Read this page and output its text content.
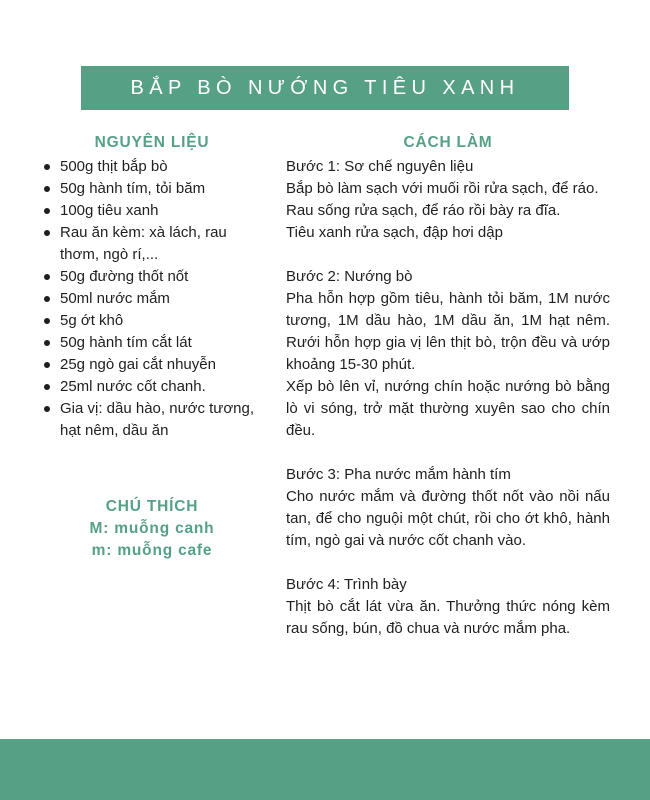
BẮP BÒ NƯỚNG TIÊU XANH
NGUYÊN LIỆU
500g thịt bắp bò
50g hành tím, tỏi băm
100g tiêu xanh
Rau ăn kèm: xà lách, rau thơm, ngò rí,...
50g đường thốt nốt
50ml nước mắm
5g ớt khô
50g hành tím cắt lát
25g ngò gai cắt nhuyễn
25ml nước cốt chanh.
Gia vị: dầu hào, nước tương, hạt nêm, dầu ăn
CHÚ THÍCH
M: muỗng canh
m: muỗng cafe
CÁCH LÀM
Bước 1: Sơ chế nguyên liệu

Bắp bò làm sạch với muối rồi rửa sạch, để ráo.
Rau sống rửa sạch, để ráo rồi bày ra đĩa.
Tiêu xanh rửa sạch, đập hơi dập

Bước 2: Nướng bò

Pha hỗn hợp gồm tiêu, hành tỏi băm, 1M nước tương, 1M dầu hào, 1M dầu ăn, 1M hạt nêm. Rưới hỗn hợp gia vị lên thịt bò, trộn đều và ướp khoảng 15-30 phút.
Xếp bò lên vỉ, nướng chín hoặc nướng bò bằng lò vi sóng, trở mặt thường xuyên sao cho chín đều.

Bước 3: Pha nước mắm hành tím

Cho nước mắm và đường thốt nốt vào nồi nấu tan, để cho nguội một chút, rồi cho ớt khô, hành tím, ngò gai và nước cốt chanh vào.

Bước 4: Trình bày

Thịt bò cắt lát vừa ăn. Thưởng thức nóng kèm rau sống, bún, đồ chua và nước mắm pha.
